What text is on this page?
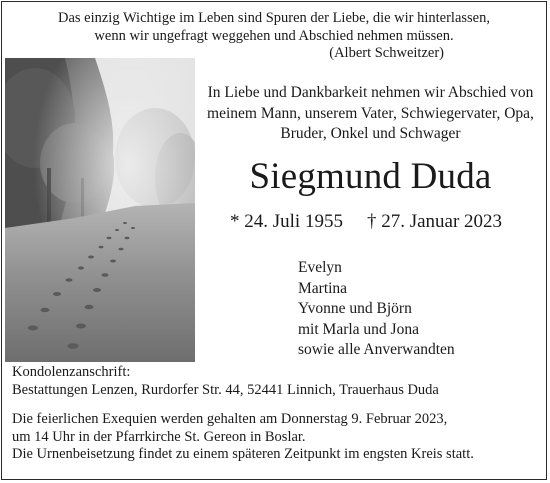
Das einzig Wichtige im Leben sind Spuren der Liebe, die wir hinterlassen,
wenn wir ungefragt weggehen und Abschied nehmen müssen.
(Albert Schweitzer)
In Liebe und Dankbarkeit nehmen wir Abschied von
meinem Mann, unserem Vater, Schwiegervater, Opa,
Bruder, Onkel und Schwager
Siegmund Duda
* 24. Juli 1955 † 27. Januar 2023
Evelyn
Martina
Yvonne und Björn
mit Marla und Jona
sowie alle Anverwandten
Kondolenzanschrift:
Bestattungen Lenzen, Rurdorfer Str. 44, 52441 Linnich, Trauerhaus Duda
Die feierlichen Exequien werden gehalten am Donnerstag 9. Februar 2023,
um 14 Uhr in der Pfarrkirche St. Gereon in Boslar.
Die Urnenbeisetzung findet zu einem späteren Zeitpunkt im engsten Kreis statt.
